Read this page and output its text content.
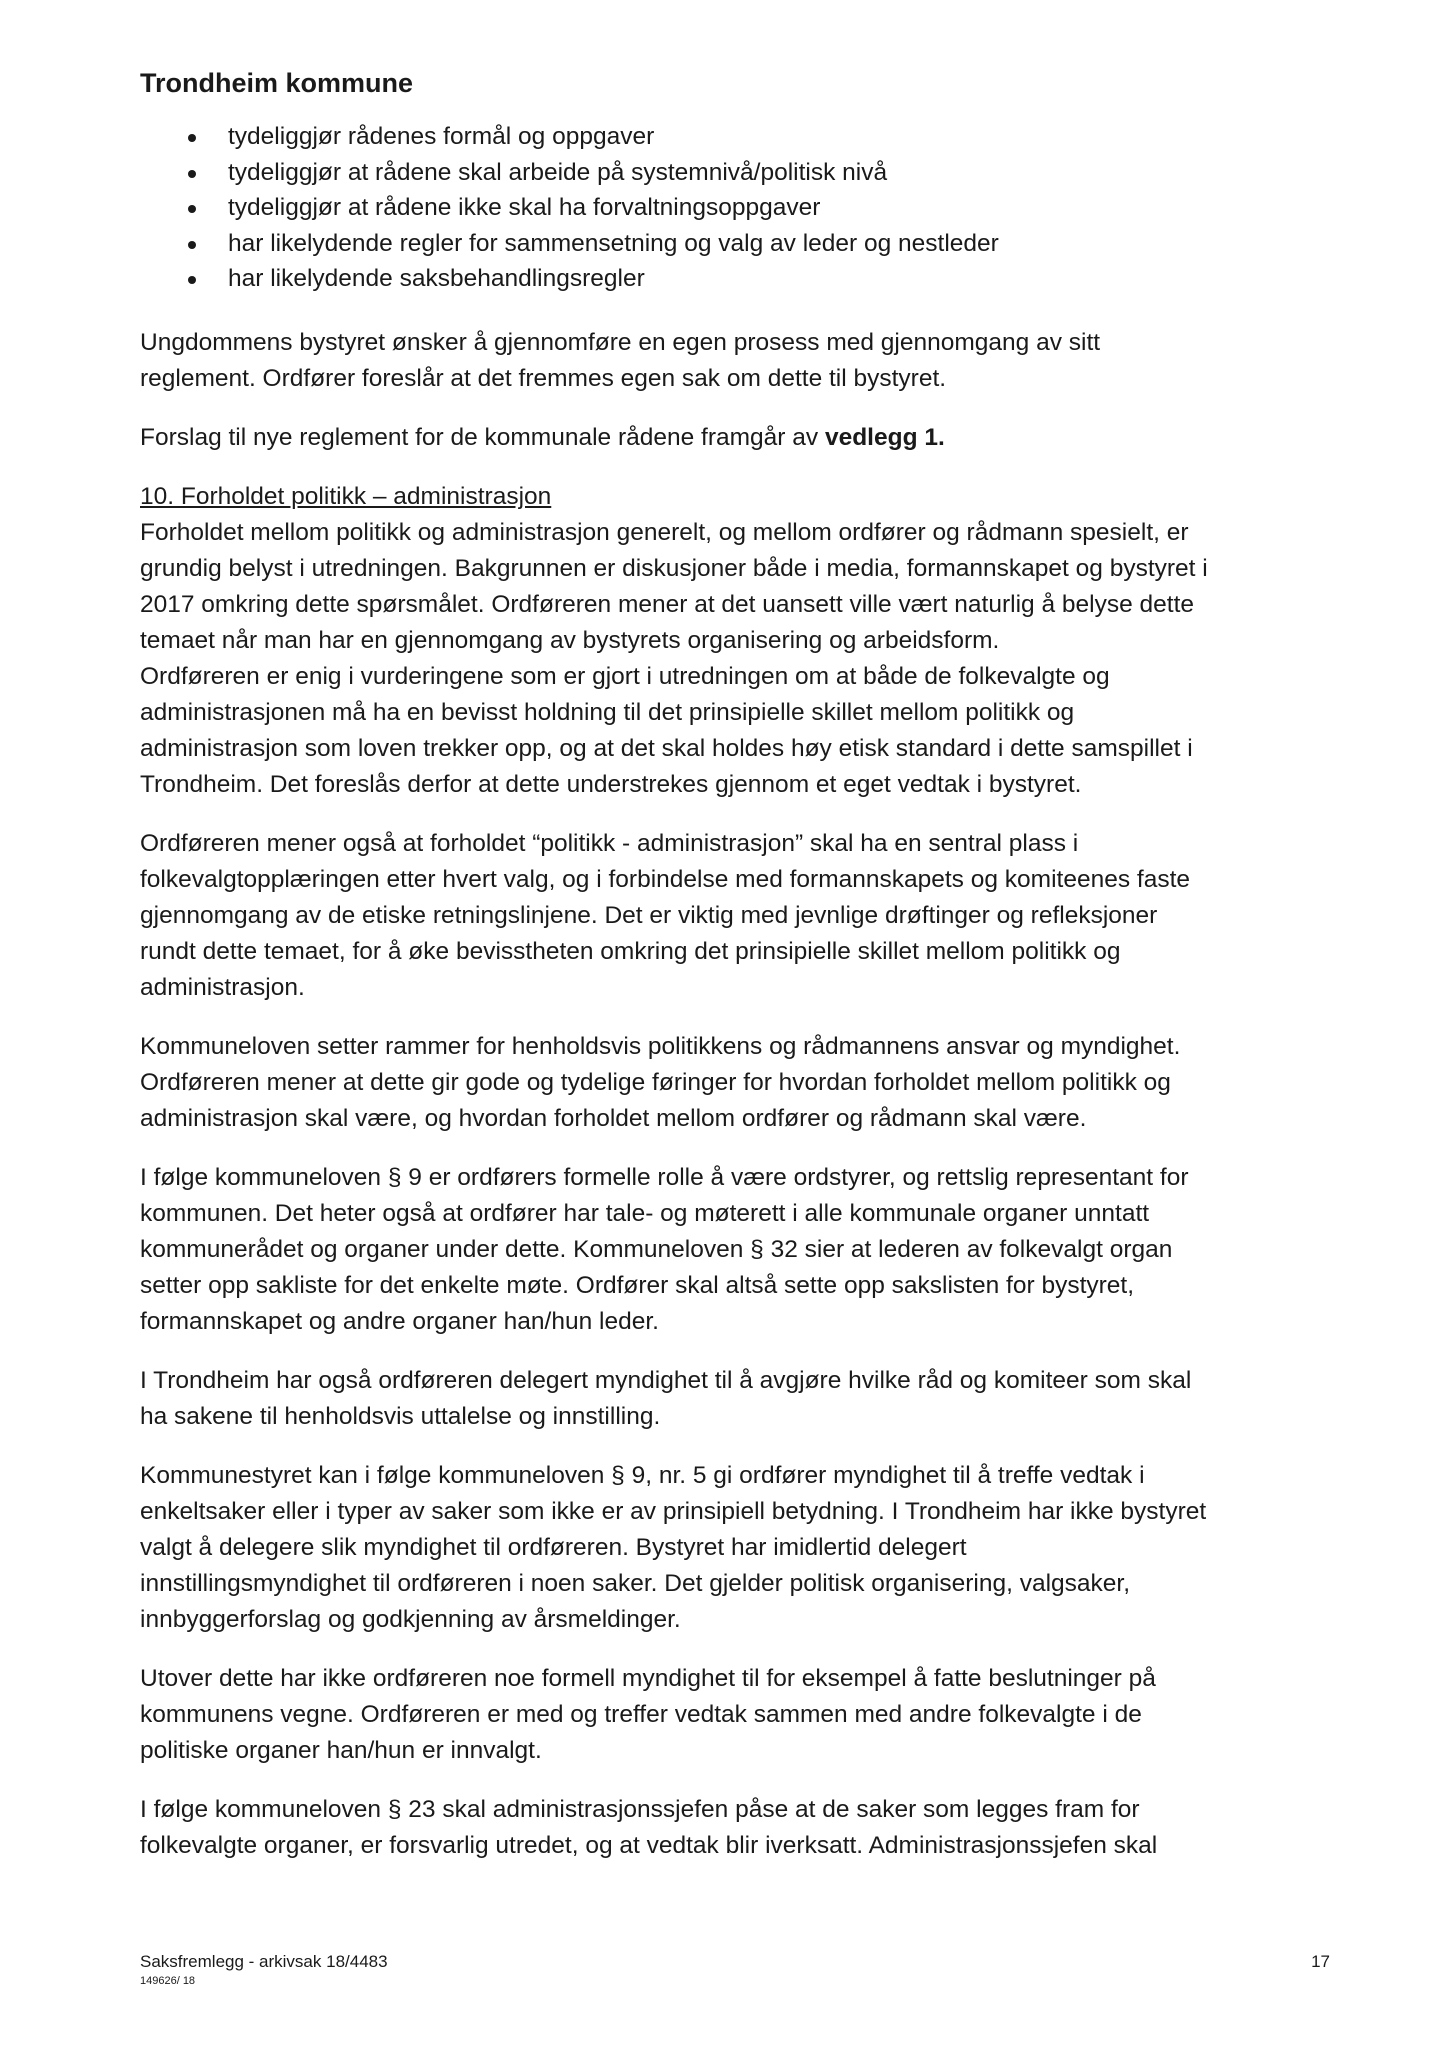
Trondheim kommune
tydeliggjør rådenes formål og oppgaver
tydeliggjør at rådene skal arbeide på systemnivå/politisk nivå
tydeliggjør at rådene ikke skal ha forvaltningsoppgaver
har likelydende regler for sammensetning og valg av leder og nestleder
har likelydende saksbehandlingsregler

Ungdommens bystyret ønsker å gjennomføre en egen prosess med gjennomgang av sitt
reglement. Ordfører foreslår at det fremmes egen sak om dette til bystyret.

Forslag til nye reglement for de kommunale rådene framgår av vedlegg 1.

10. Forholdet politikk – administrasjon
Forholdet mellom politikk og administrasjon generelt, og mellom ordfører og rådmann spesielt, er
grundig belyst i utredningen. Bakgrunnen er diskusjoner både i media, formannskapet og bystyret i
2017 omkring dette spørsmålet. Ordføreren mener at det uansett ville vært naturlig å belyse dette
temaet når man har en gjennomgang av bystyrets organisering og arbeidsform.
Ordføreren er enig i vurderingene som er gjort i utredningen om at både de folkevalgte og
administrasjonen må ha en bevisst holdning til det prinsipielle skillet mellom politikk og
administrasjon som loven trekker opp, og at det skal holdes høy etisk standard i dette samspillet i
Trondheim. Det foreslås derfor at dette understrekes gjennom et eget vedtak i bystyret.

Ordføreren mener også at forholdet “politikk - administrasjon” skal ha en sentral plass i
folkevalgtopplæringen etter hvert valg, og i forbindelse med formannskapets og komiteenes faste
gjennomgang av de etiske retningslinjene. Det er viktig med jevnlige drøftinger og refleksjoner
rundt dette temaet, for å øke bevisstheten omkring det prinsipielle skillet mellom politikk og
administrasjon.

Kommuneloven setter rammer for henholdsvis politikkens og rådmannens ansvar og myndighet.
Ordføreren mener at dette gir gode og tydelige føringer for hvordan forholdet mellom politikk og
administrasjon skal være, og hvordan forholdet mellom ordfører og rådmann skal være.

I følge kommuneloven § 9 er ordførers formelle rolle å være ordstyrer, og rettslig representant for
kommunen. Det heter også at ordfører har tale- og møterett i alle kommunale organer unntatt
kommunerådet og organer under dette. Kommuneloven § 32 sier at lederen av folkevalgt organ
setter opp sakliste for det enkelte møte. Ordfører skal altså sette opp sakslisten for bystyret,
formannskapet og andre organer han/hun leder.

I Trondheim har også ordføreren delegert myndighet til å avgjøre hvilke råd og komiteer som skal
ha sakene til henholdsvis uttalelse og innstilling.

Kommunestyret kan i følge kommuneloven § 9, nr. 5 gi ordfører myndighet til å treffe vedtak i
enkeltsaker eller i typer av saker som ikke er av prinsipiell betydning. I Trondheim har ikke bystyret
valgt å delegere slik myndighet til ordføreren. Bystyret har imidlertid delegert
innstillingsmyndighet til ordføreren i noen saker. Det gjelder politisk organisering, valgsaker,
innbyggerforslag og godkjenning av årsmeldinger.

Utover dette har ikke ordføreren noe formell myndighet til for eksempel å fatte beslutninger på
kommunens vegne. Ordføreren er med og treffer vedtak sammen med andre folkevalgte i de
politiske organer han/hun er innvalgt.

I følge kommuneloven § 23 skal administrasjonssjefen påse at de saker som legges fram for
folkevalgte organer, er forsvarlig utredet, og at vedtak blir iverksatt. Administrasjonssjefen skal

Saksfremlegg - arkivsak 18/4483
149626/ 18
17
